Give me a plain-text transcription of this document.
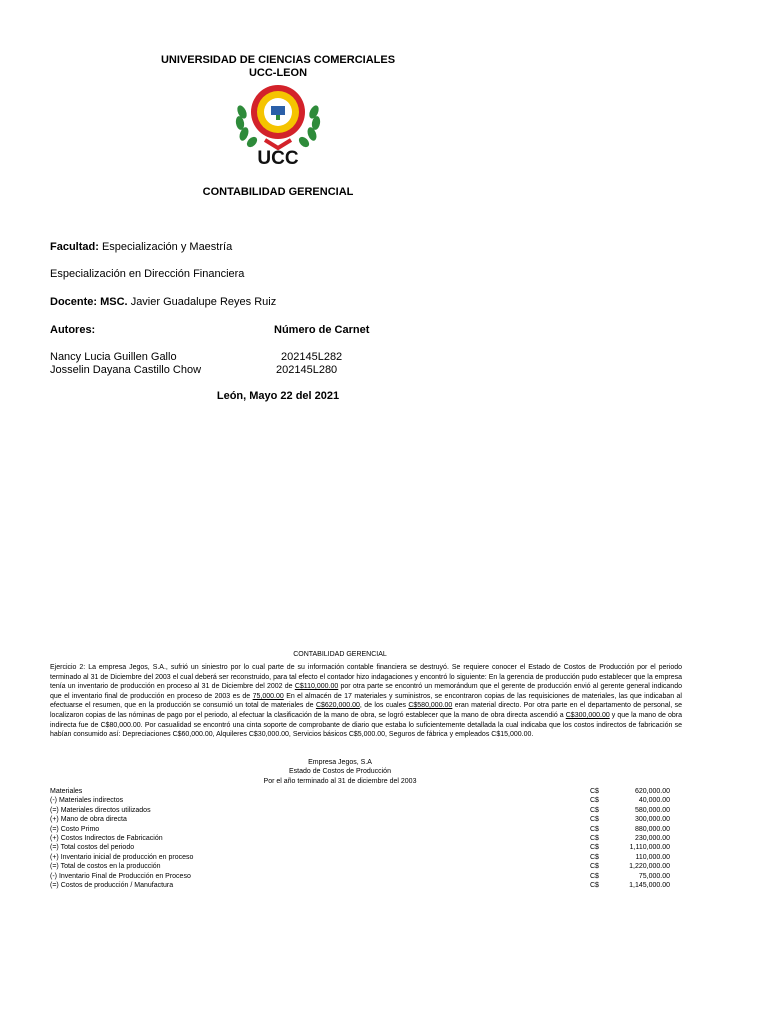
UNIVERSIDAD DE CIENCIAS COMERCIALES
UCC-LEON
UCC
CONTABILIDAD GERENCIAL
Facultad: Especialización y Maestría
Especialización en Dirección Financiera
Docente: MSC. Javier Guadalupe Reyes Ruiz
Autores:	Número de Carnet
Nancy Lucia Guillen Gallo	202145L282
Josselin Dayana Castillo Chow	202145L280
León, Mayo 22 del 2021
CONTABILIDAD GERENCIAL
Ejercicio 2: La empresa Jegos, S.A., sufrió un siniestro por lo cual parte de su información contable financiera se destruyó. Se requiere conocer el Estado de Costos de Producción por el periodo terminado al 31 de Diciembre del 2003 el cual deberá ser reconstruido, para tal efecto el contador hizo indagaciones y encontró lo siguiente: En la gerencia de producción pudo establecer que la empresa tenía un inventario de producción en proceso al 31 de Diciembre del 2002 de C$110,000.00 por otra parte se encontró un memorándum que el gerente de producción envió al gerente general indicando que el inventario final de producción en proceso de 2003 es de 75,000.00 En el almacén de 17 materiales y suministros, se encontraron copias de las requisiciones de materiales, las que indicaban al efectuarse el resumen, que en la producción se consumió un total de materiales de C$620,000.00, de los cuales C$580,000.00 eran material directo. Por otra parte en el departamento de personal, se localizaron copias de las nóminas de pago por el periodo, al efectuar la clasificación de la mano de obra, se logró establecer que la mano de obra directa ascendió a C$300,000.00 y que la mano de obra indirecta fue de C$80,000.00. Por casualidad se encontró una cinta soporte de comprobante de diario que estaba lo suficientemente detallada la cual indicaba que los costos indirectos de fabricación se habían consumido así: Depreciaciones C$60,000.00, Alquileres C$30,000.00, Servicios básicos C$5,000.00, Seguros de fábrica y empleados C$15,000.00.
Empresa Jegos, S.A
Estado de Costos de Producción
Por el año terminado al 31 de diciembre del 2003
Materiales	C$	620,000.00
(-) Materiales indirectos	C$	40,000.00
(=) Materiales directos utilizados	C$	580,000.00
(+) Mano de obra directa	C$	300,000.00
(=) Costo Primo	C$	880,000.00
(+) Costos Indirectos de Fabricación	C$	230,000.00
(=) Total costos del periodo	C$	1,110,000.00
(+) Inventario inicial de producción en proceso	C$	110,000.00
(=) Total de costos en la producción	C$	1,220,000.00
(-) Inventario Final de Producción en Proceso	C$	75,000.00
(=) Costos de producción / Manufactura	C$	1,145,000.00
